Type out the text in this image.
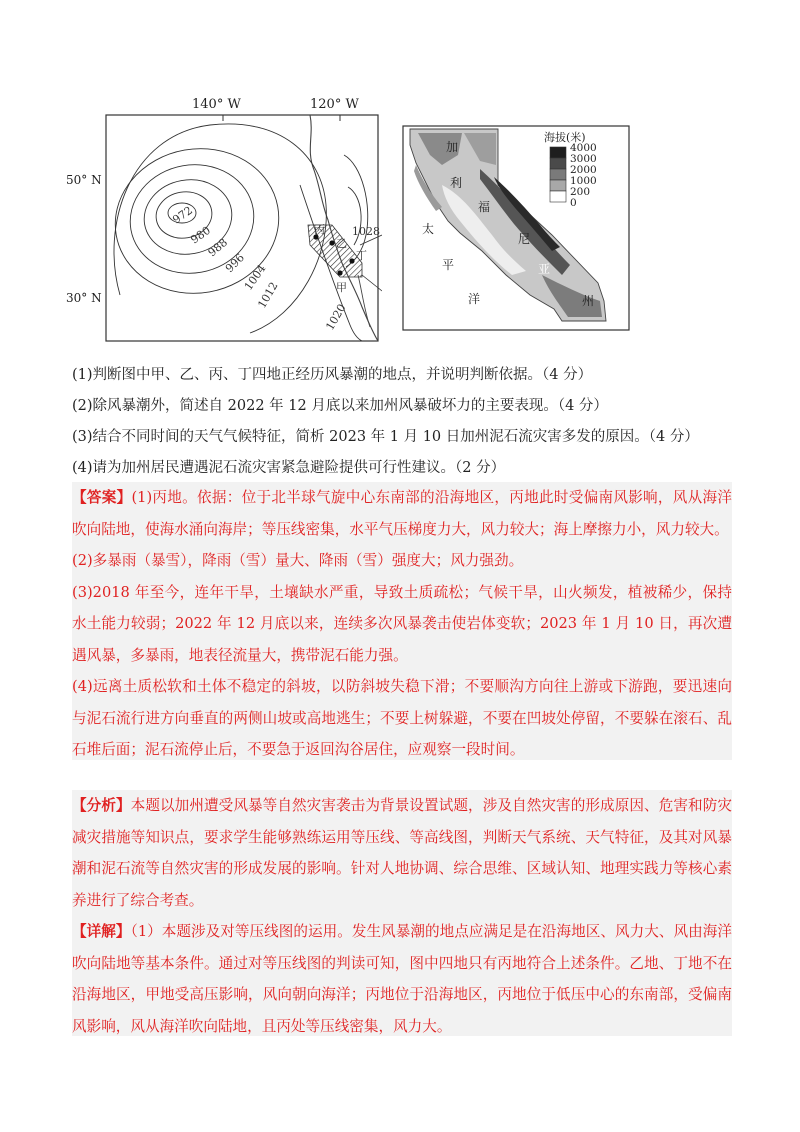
140° W	120° W
50° N
30° N
972
980
988
996
1004
1012
1020
1028
甲
乙
丙
丁
海拔(米)
4000
3000
2000
1000
200
0
加
利
福
尼
亚
州
太
平
洋
(1)判断图中甲、乙、丙、丁四地正经历风暴潮的地点，并说明判断依据。（4 分）
(2)除风暴潮外，简述自 2022 年 12 月底以来加州风暴破坏力的主要表现。（4 分）
(3)结合不同时间的天气气候特征，简析 2023 年 1 月 10 日加州泥石流灾害多发的原因。（4 分）
(4)请为加州居民遭遇泥石流灾害紧急避险提供可行性建议。（2 分）

【答案】(1)丙地。依据：位于北半球气旋中心东南部的沿海地区，丙地此时受偏南风影响，风从海洋吹向陆地，使海水涌向海岸；等压线密集，水平气压梯度力大，风力较大；海上摩擦力小，风力较大。

(2)多暴雨（暴雪），降雨（雪）量大、降雨（雪）强度大；风力强劲。

(3)2018 年至今，连年干旱，土壤缺水严重，导致土质疏松；气候干旱，山火频发，植被稀少，保持水土能力较弱；2022 年 12 月底以来，连续多次风暴袭击使岩体变软；2023 年 1 月 10 日，再次遭遇风暴，多暴雨，地表径流量大，携带泥石能力强。

(4)远离土质松软和土体不稳定的斜坡，以防斜坡失稳下滑；不要顺沟方向往上游或下游跑，要迅速向与泥石流行进方向垂直的两侧山坡或高地逃生；不要上树躲避，不要在凹坡处停留，不要躲在滚石、乱石堆后面；泥石流停止后，不要急于返回沟谷居住，应观察一段时间。

【分析】本题以加州遭受风暴等自然灾害袭击为背景设置试题，涉及自然灾害的形成原因、危害和防灾减灾措施等知识点，要求学生能够熟练运用等压线、等高线图，判断天气系统、天气特征，及其对风暴潮和泥石流等自然灾害的形成发展的影响。针对人地协调、综合思维、区域认知、地理实践力等核心素养进行了综合考查。

【详解】（1）本题涉及对等压线图的运用。发生风暴潮的地点应满足是在沿海地区、风力大、风由海洋吹向陆地等基本条件。通过对等压线图的判读可知，图中四地只有丙地符合上述条件。乙地、丁地不在沿海地区，甲地受高压影响，风向朝向海洋；丙地位于沿海地区，丙地位于低压中心的东南部，受偏南风影响，风从海洋吹向陆地，且丙处等压线密集，风力大。
